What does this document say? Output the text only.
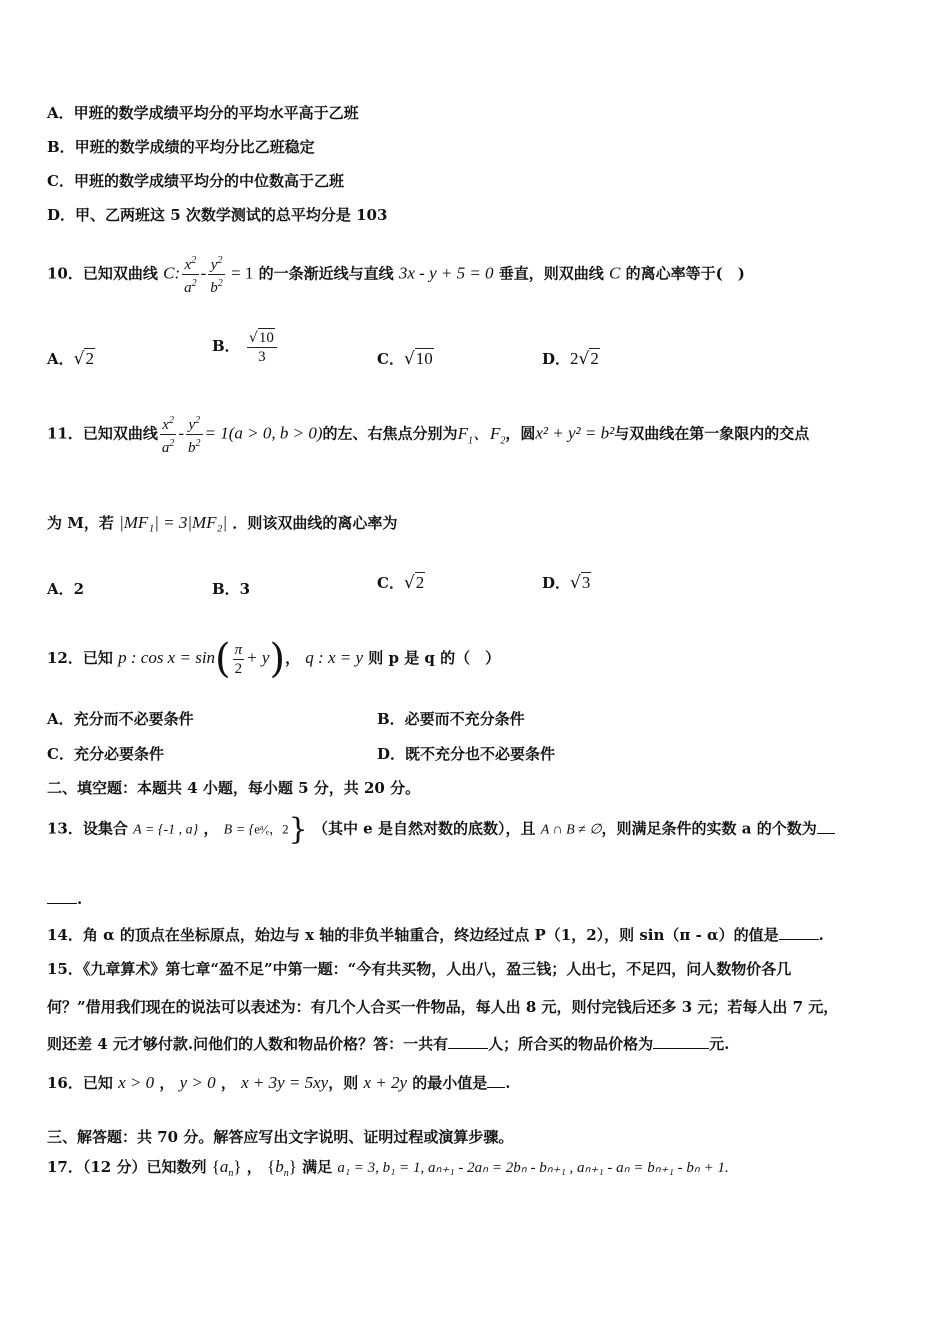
A．甲班的数学成绩平均分的平均水平高于乙班
B．甲班的数学成绩的平均分比乙班稳定
C．甲班的数学成绩平均分的中位数高于乙班
D．甲、乙两班这 5 次数学测试的总平均分是 103
10．已知双曲线 C: $\frac{x^2}{a^2} - \frac{y^2}{b^2} = 1$ 的一条渐近线与直线 3x - y + 5 = 0 垂直，则双曲线 C 的离心率等于(　)
A．√2
B． $\frac{√10}{3}$	C．√10	D．2√2
11．已知双曲线 $\frac{x^2}{a^2} - \frac{y^2}{b^2} = 1(a > 0$, b > 0)的左、右焦点分别为$F_1$、$F_2$，圆x² + y² = b²与双曲线在第一象限内的交点
为 M，若 |MF₁| = 3|MF₂| ．则该双曲线的离心率为
A．2	B．3	C．√2	D．√3
12．已知 p : $\cos x = \sin( \frac{\pi}{2} + y)$， q : x = y 则 p 是 q 的（　）
A．充分而不必要条件	B．必要而不充分条件
C．充分必要条件	D．既不充分也不必要条件
二、填空题：本题共 4 小题，每小题 5 分，共 20 分。
13．设集合 A = {-1 , a} ， B = {eᵃ⁄ₑ，2} （其中 e 是自然对数的底数），且 A ∩ B ≠ ∅，则满足条件的实数 a 的个数为
.
14．角 α 的顶点在坐标原点，始边与 x 轴的非负半轴重合，终边经过点 P（1，2），则 sin（π - α）的值是	.
15．《九章算术》第七章“盈不足”中第一题：“今有共买物，人出八，盈三钱；人出七，不足四，问人数物价各几
何？”借用我们现在的说法可以表述为：有几个人合买一件物品，每人出 8 元，则付完钱后还多 3 元；若每人出 7 元，
则还差 4 元才够付款.问他们的人数和物品价格？答：一共有	人；所合买的物品价格为	元.
16．已知 x > 0 ， y > 0 ， x + 3y = 5xy，则 x + 2y 的最小值是 .
三、解答题：共 70 分。解答应写出文字说明、证明过程或演算步骤。
17．（12 分）已知数列 $\{a_n\}$ ， $\{b_n\}$ 满足 a₁ = 3, b₁ = 1, aₙ₊₁ - 2aₙ = 2bₙ - bₙ₊₁ , aₙ₊₁ - aₙ = bₙ₊₁ - bₙ + 1.
